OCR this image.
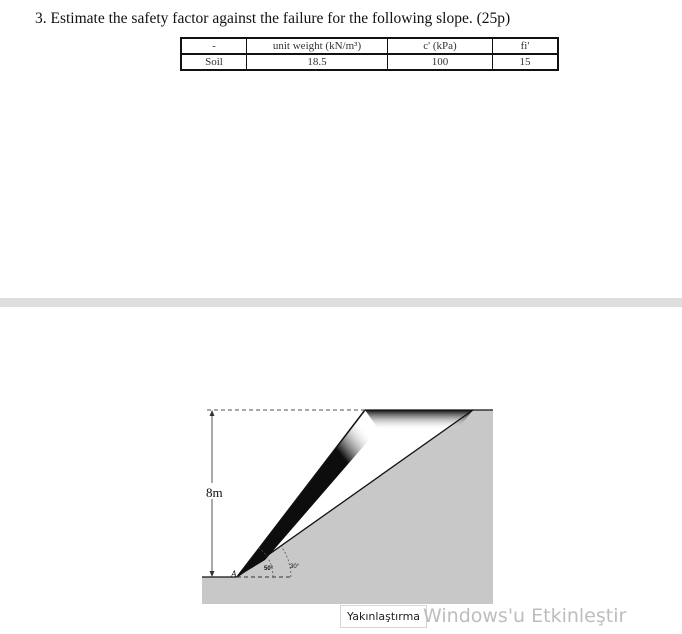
3. Estimate the safety factor against the failure for the following slope. (25p)
-	unit weight (kN/m³)	c' (kPa)	fi'
Soil	18.5	100	15
8m
50°	30°
A
Yakınlaştırma Windows'u Etkinleştir
